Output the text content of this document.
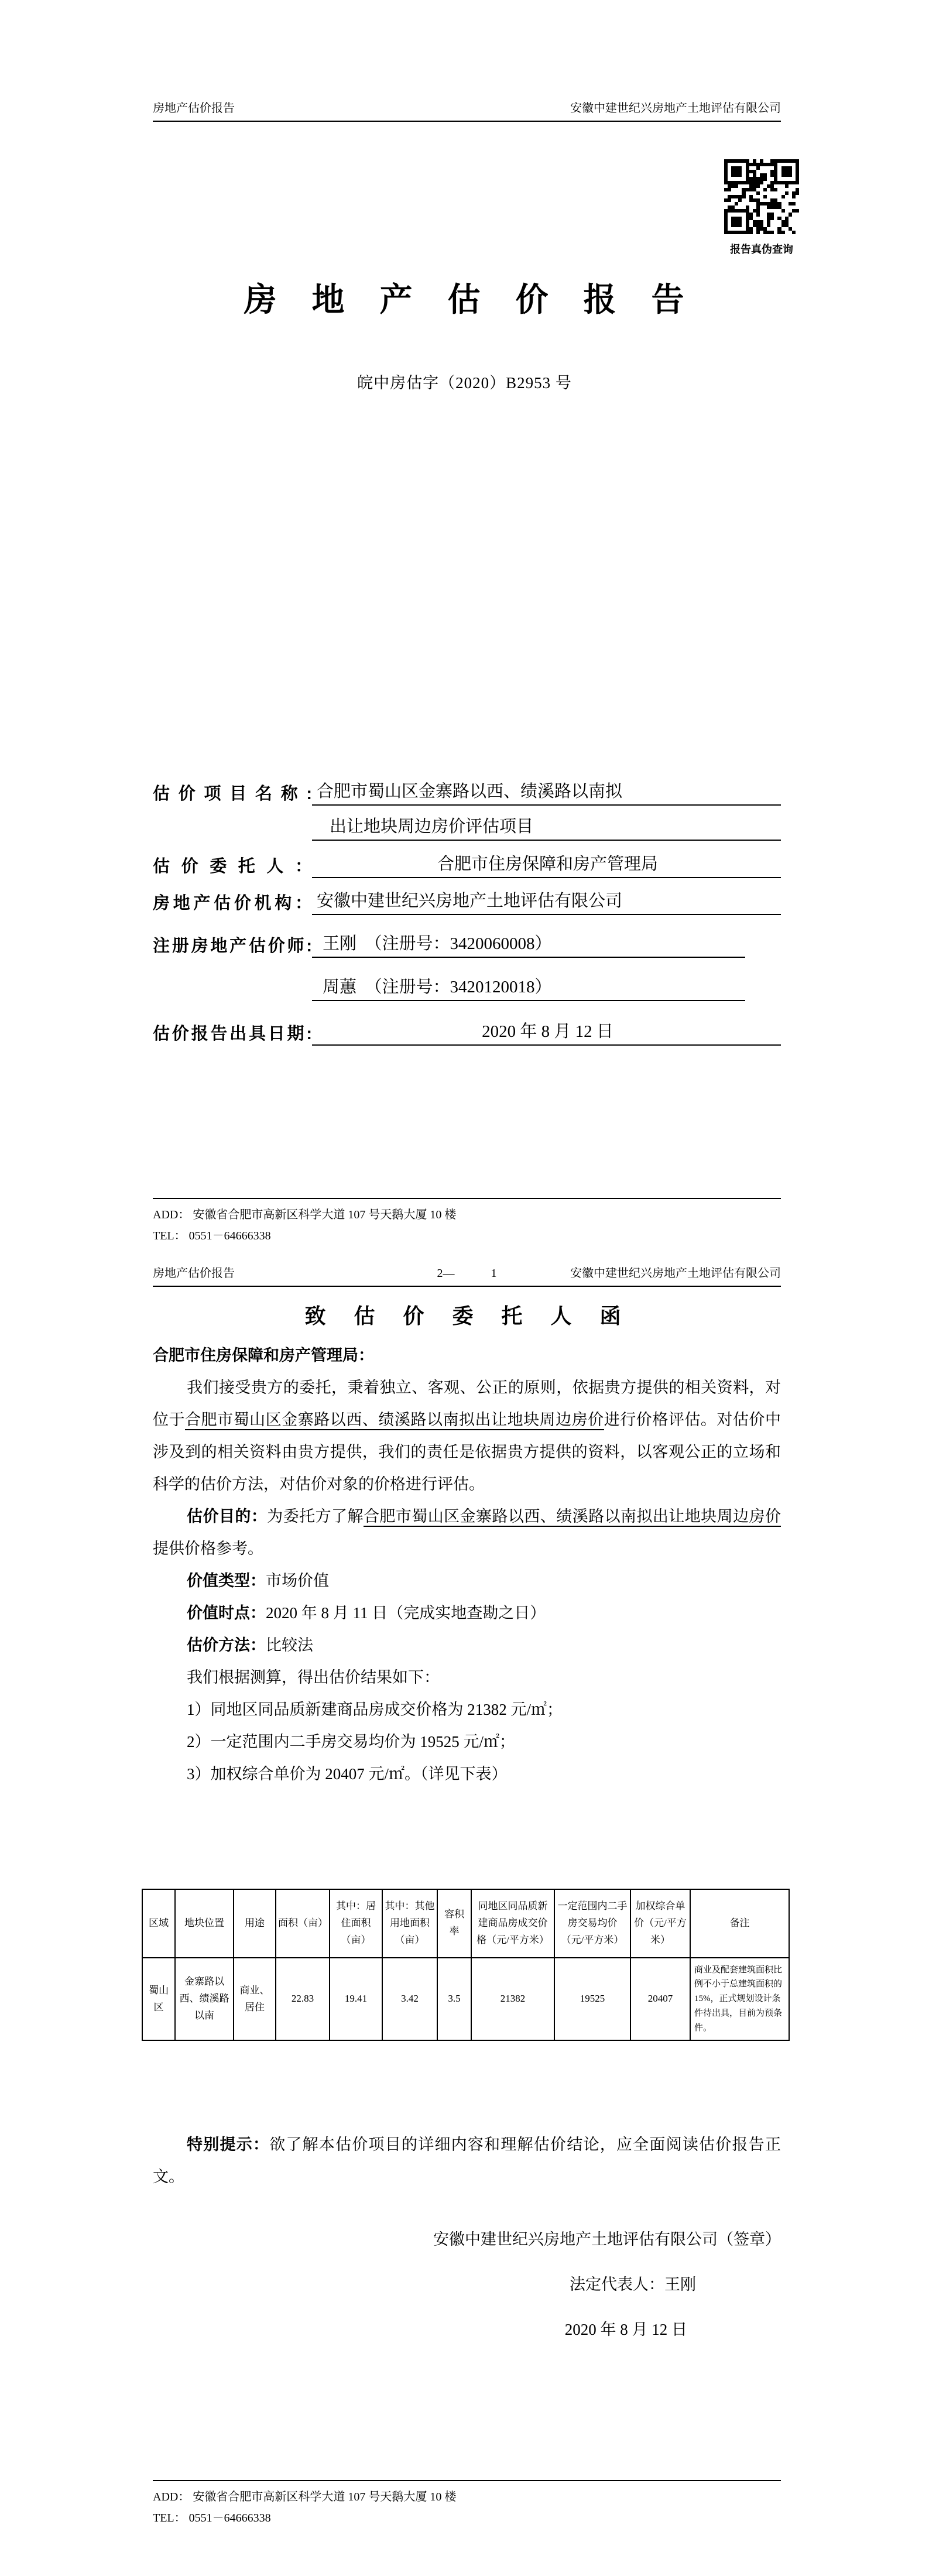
房地产估价报告	安徽中建世纪兴房地产土地评估有限公司
报告真伪查询
房　地　产　估　价　报　告
皖中房估字（2020）B2953 号
估价项目名称: 合肥市蜀山区金寨路以西、绩溪路以南拟
出让地块周边房价评估项目
估价委托人：	合肥市住房保障和房产管理局
房地产估价机构： 安徽中建世纪兴房地产土地评估有限公司
注册房地产估价师: 王刚　（注册号：3420060008）
周蕙　（注册号：3420120018）
估价报告出具日期:	2020 年 8 月 12 日
ADD： 安徽省合肥市高新区科学大道 107 号天鹅大厦 10 楼
TEL： 0551－64666338
房地产估价报告	2—	1	安徽中建世纪兴房地产土地评估有限公司
致　估　价　委　托　人　函
合肥市住房保障和房产管理局：
我们接受贵方的委托，秉着独立、客观、公正的原则，依据贵方提供的相关资料，对位于合肥市蜀山区金寨路以西、绩溪路以南拟出让地块周边房价进行价格评估。对估价中涉及到的相关资料由贵方提供，我们的责任是依据贵方提供的资料，以客观公正的立场和科学的估价方法，对估价对象的价格进行评估。
估价目的：为委托方了解合肥市蜀山区金寨路以西、绩溪路以南拟出让地块周边房价提供价格参考。
价值类型：市场价值
价值时点：2020 年 8 月 11 日（完成实地查勘之日）
估价方法：比较法
我们根据测算，得出估价结果如下：
1）同地区同品质新建商品房成交价格为 21382 元/㎡；
2）一定范围内二手房交易均价为 19525 元/㎡；
3）加权综合单价为 20407 元/㎡。（详见下表）
区域	地块位置	用途	面积（亩）	其中：居住面积（亩）	其中：其他用地面积（亩）	容积率	同地区同品质新建商品房成交价格（元/平方米）	一定范围内二手房交易均价（元/平方米）	加权综合单价（元/平方米）	备注
蜀山区	金寨路以西、绩溪路以南	商业、居住	22.83	19.41	3.42	3.5	21382	19525	20407	商业及配套建筑面积比例不小于总建筑面积的15%，正式规划设计条件待出具，目前为预条件。
特别提示：欲了解本估价项目的详细内容和理解估价结论，应全面阅读估价报告正文。
安徽中建世纪兴房地产土地评估有限公司（签章）
法定代表人：王刚
2020 年 8 月 12 日
ADD： 安徽省合肥市高新区科学大道 107 号天鹅大厦 10 楼
TEL： 0551－64666338
